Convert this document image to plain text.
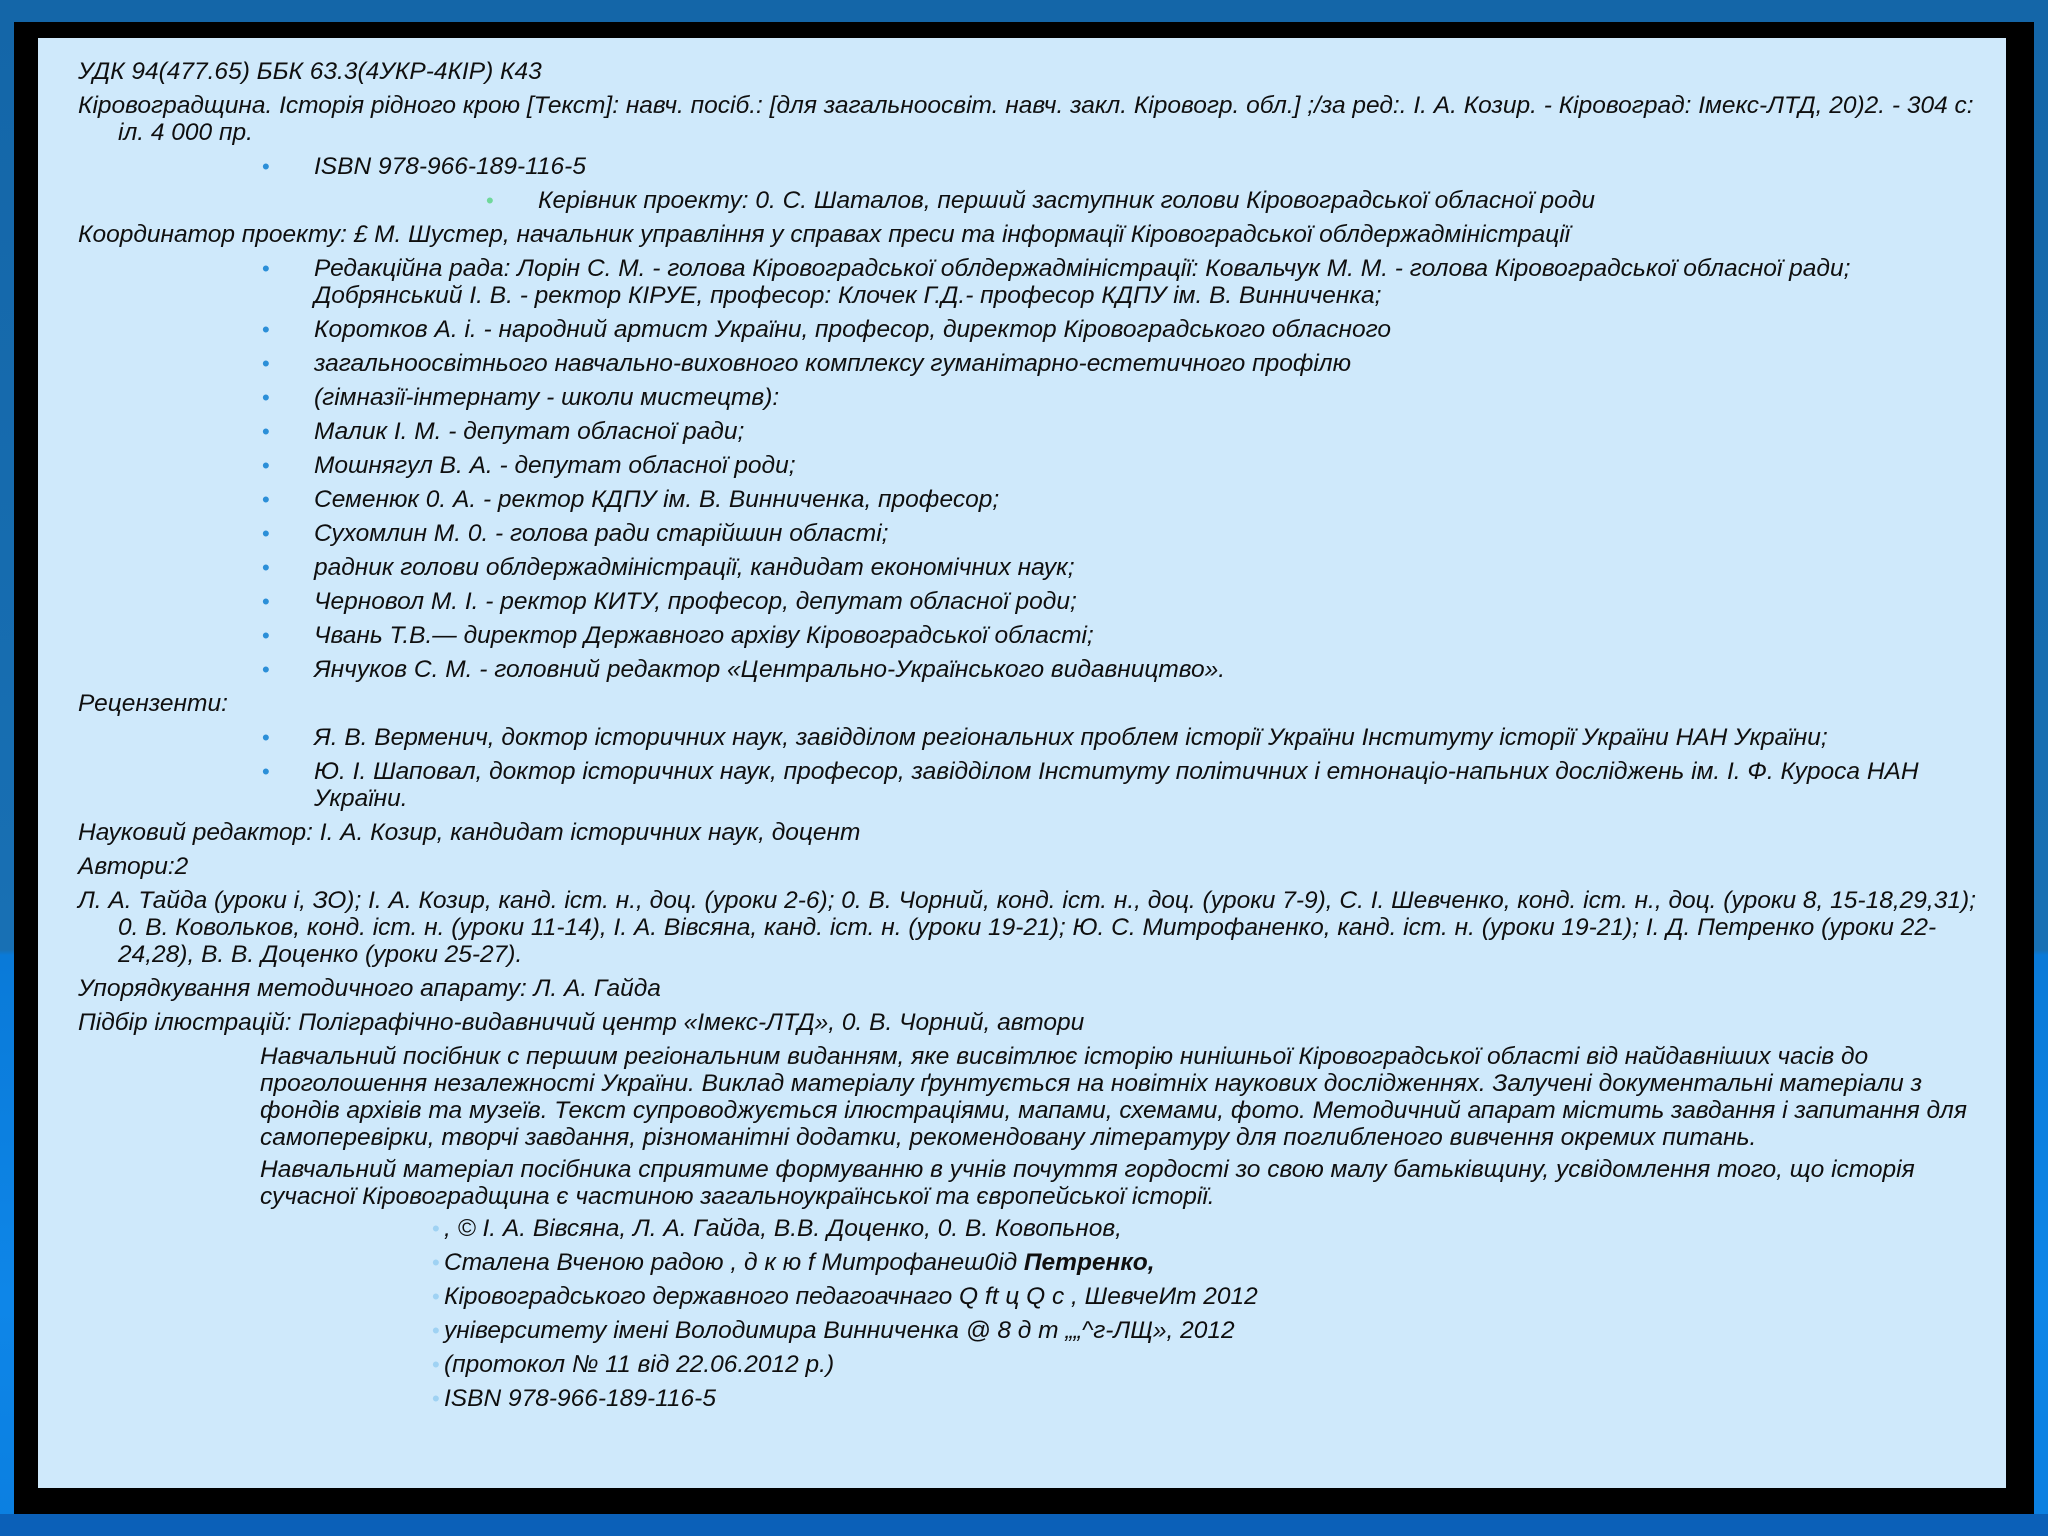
УДК 94(477.65) ББК 63.3(4УКР-4КІР) К43

Кіровоградщина. Історія рідного крою [Текст]: навч. посіб.: [для загальноосвіт. навч. закл. Кіровогр. обл.] ;/за ред:. І. А. Козир. - Кіровоград: Імекс-ЛТД, 20)2. - 304 с: іл. 4 000 пр.

• ISBN 978-966-189-116-5

• Керівник проекту: 0. С. Шаталов, перший заступник голови Кіровоградської обласної роди

Координатор проекту: £ М. Шустер, начальник управління у справах преси та інформації Кіровоградської облдержадміністрації

• Редакційна рада: Лорін С. М. - голова Кіровоградської облдержадміністрації: Ковальчук М. М. - голова Кіровоградської обласної ради; Добрянський І. В. - ректор КІРУЕ, професор: Клочек Г.Д.- професор КДПУ ім. В. Винниченка;

• Коротков А. і. - народний артист України, професор, директор Кіровоградського обласного

• загальноосвітнього навчально-виховного комплексу гуманітарно-естетичного профілю

• (гімназії-інтернату - школи мистецтв):

• Малик І. М. - депутат обласної ради;

• Мошнягул В. А. - депутат обласної роди;

• Семенюк 0. А. - ректор КДПУ ім. В. Винниченка, професор;

• Сухомлин М. 0. - голова ради старійшин області;

• радник голови облдержадміністрації, кандидат економічних наук;

• Черновол М. І. - ректор КИТУ, професор, депутат обласної роди;

• Чвань Т.В.— директор Державного архіву Кіровоградської області;

• Янчуков С. М. - головний редактор «Центрально-Українського видавництво».

Рецензенти:

• Я. В. Верменич, доктор історичних наук, завідділом регіональних проблем історії України Інституту історії України НАН України;

• Ю. І. Шаповал, доктор історичних наук, професор, завідділом Інституту політичних і етнонаціо-напьних досліджень ім. І. Ф. Куроса НАН України.

Науковий редактор: І. А. Козир, кандидат історичних наук, доцент

Автори:2

Л. А. Тайда (уроки і, ЗО); І. А. Козир, канд. іст. н., доц. (уроки 2-6); 0. В. Чорний, конд. іст. н., доц. (уроки 7-9), С. І. Шевченко, конд. іст. н., доц. (уроки 8, 15-18,29,31); 0. В. Ковольков, конд. іст. н. (уроки 11-14), І. А. Вівсяна, канд. іст. н. (уроки 19-21); Ю. С. Митрофаненко, канд. іст. н. (уроки 19-21); І. Д. Петренко (уроки 22-24,28), В. В. Доценко (уроки 25-27).

Упорядкування методичного апарату: Л. А. Гайда

Підбір ілюстрацій: Поліграфічно-видавничий центр «Імекс-ЛТД», 0. В. Чорний, автори

Навчальний посібник с першим регіональним виданням, яке висвітлює історію нинішньої Кіровоградської області від найдавніших часів до проголошення незалежності України. Виклад матеріалу ґрунтується на новітніх наукових дослідженнях. Залучені документальні матеріали з фондів архівів та музеїв. Текст супроводжується ілюстраціями, мапами, схемами, фото. Методичний апарат містить завдання і запитання для самоперевірки, творчі завдання, різноманітні додатки, рекомендовану літературу для поглибленого вивчення окремих питань.

Навчальний матеріал посібника сприятиме формуванню в учнів почуття гордості зо свою малу батьківщину, усвідомлення того, що історія сучасної Кіровоградщина є частиною загальноукраїнської та європейської історії.

• , © І. А. Вівсяна, Л. А. Гайда, В.В. Доценко, 0. В. Ковопьнов,

• Сталена Вченою радою , д к ю f Митрофанеш0ід Петренко,

• Кіровоградського державного педагоачнаго Q ft ц Q с , ШевчеИт 2012

• університету імені Володимира Винниченка @ 8 д т „„^г-ЛЩ», 2012

• (протокол № 11 від 22.06.2012 р.)

• ISBN 978-966-189-116-5
